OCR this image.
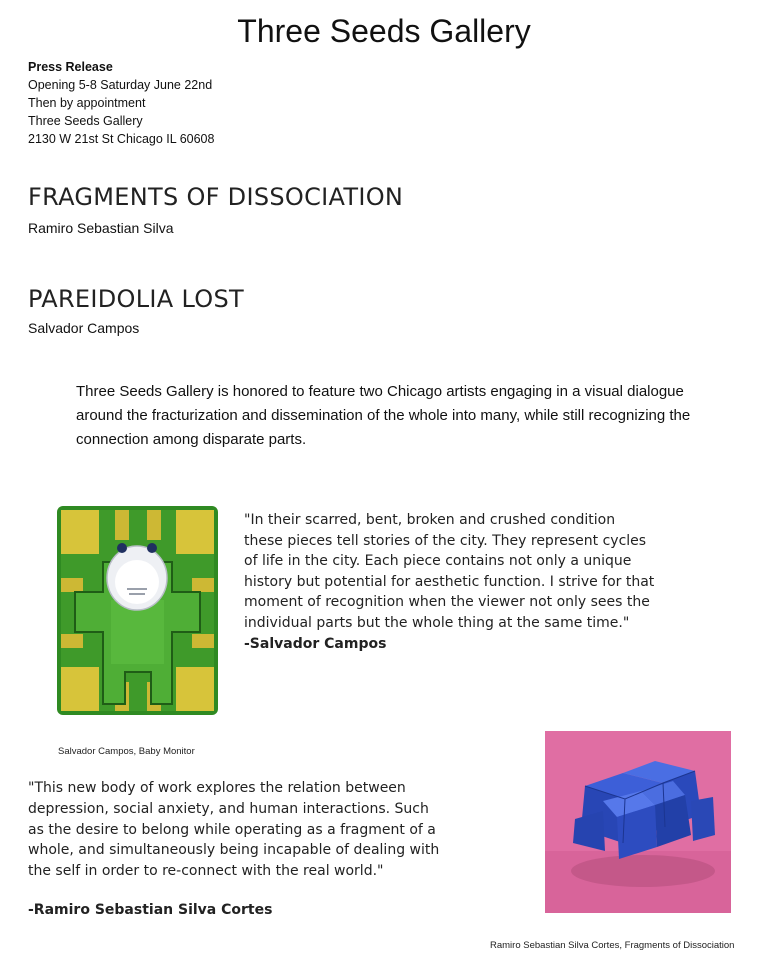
Three Seeds Gallery
Press Release
Opening 5-8 Saturday June 22nd
Then by appointment
Three Seeds Gallery
2130 W 21st St Chicago IL 60608
FRAGMENTS OF DISSOCIATION
Ramiro Sebastian Silva
PAREIDOLIA LOST
Salvador Campos

Three Seeds Gallery is honored to feature two Chicago artists engaging in a visual dialogue around the fracturization and dissemination of the whole into many, while still recognizing the connection among disparate parts.

Salvador Campos, Baby Monitor
"In their scarred, bent, broken and crushed condition
these pieces tell stories of the city. They represent cycles
of life in the city. Each piece contains not only a unique
history but potential for aesthetic function. I strive for that
moment of recognition when the viewer not only sees the
individual parts but the whole thing at the same time."
-Salvador Campos
"This new body of work explores the relation between
depression, social anxiety, and human interactions. Such
as the desire to belong while operating as a fragment of a
whole, and simultaneously being incapable of dealing with
the self in order to re-connect with the real world."
-Ramiro Sebastian Silva Cortes
Ramiro Sebastian Silva Cortes, Fragments of Dissociation
